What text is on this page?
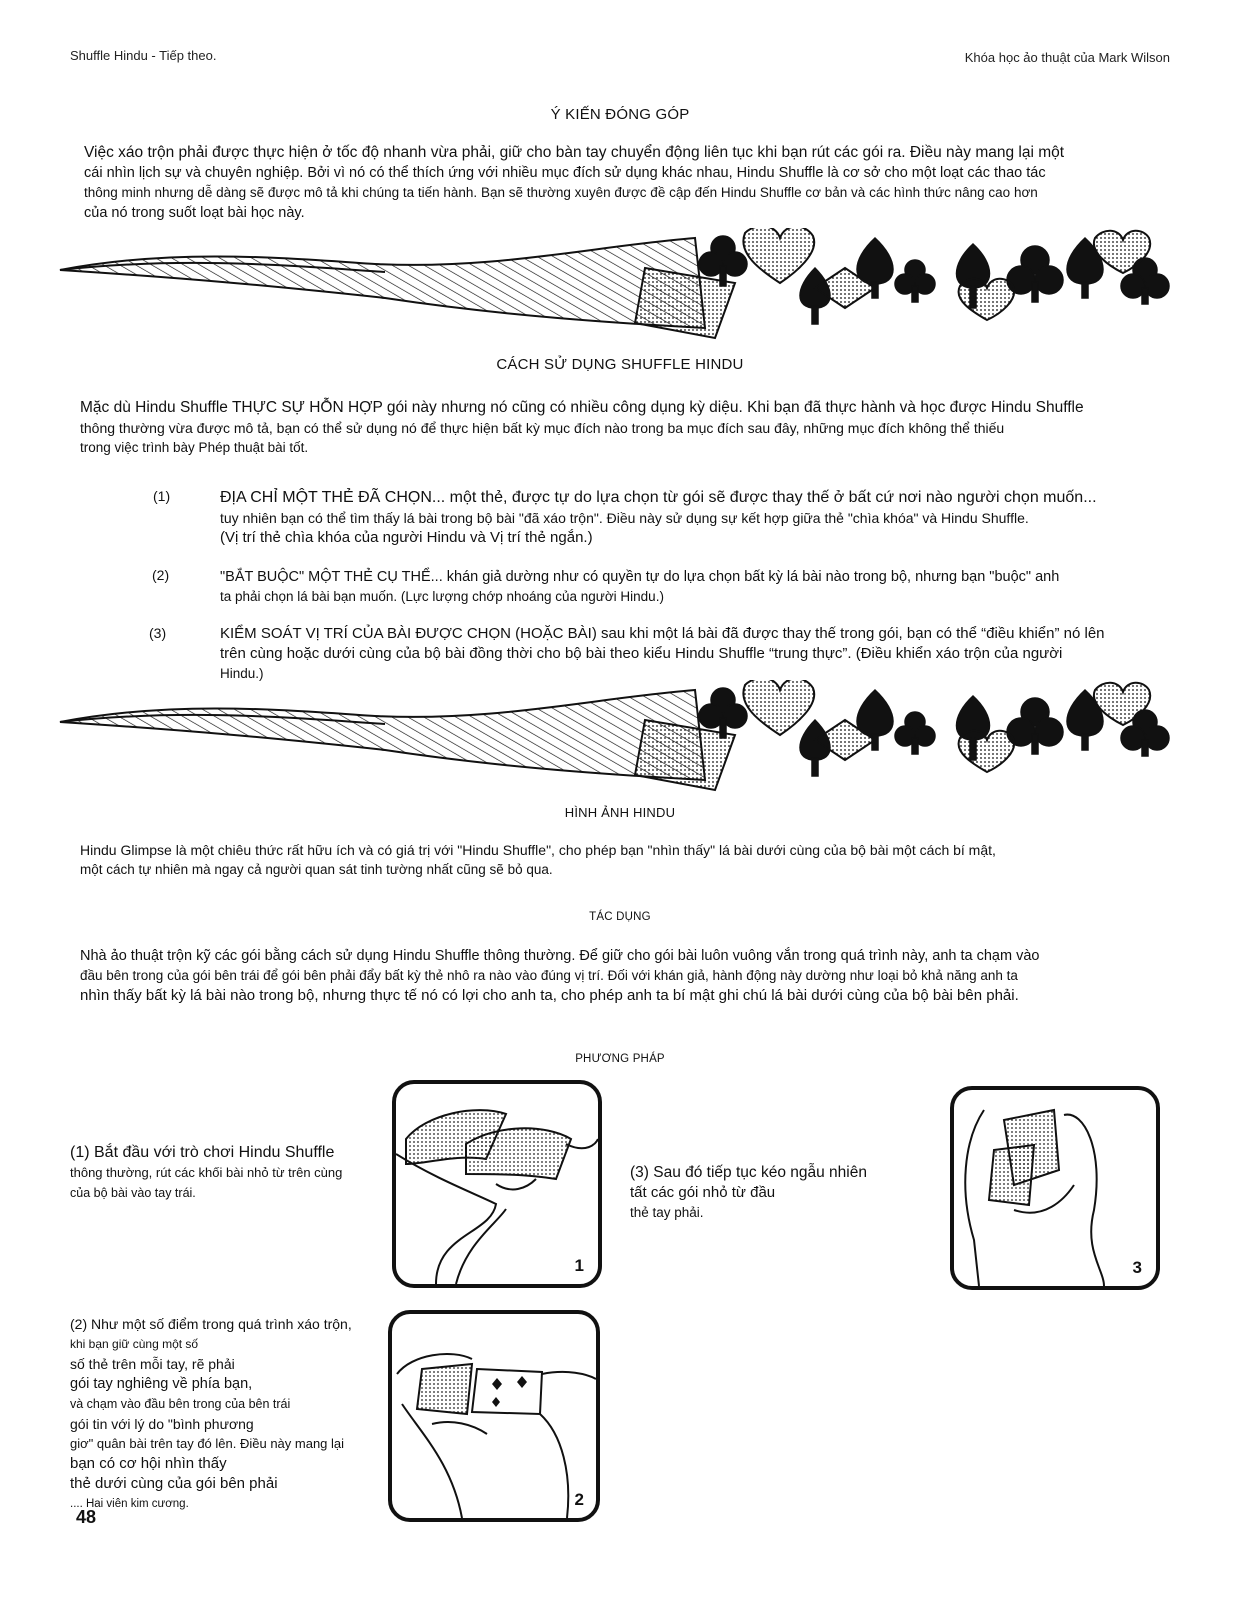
Shuffle Hindu - Tiếp theo.	Khóa học ảo thuật của Mark Wilson
Ý KIẾN ĐÓNG GÓP
Việc xáo trộn phải được thực hiện ở tốc độ nhanh vừa phải, giữ cho bàn tay chuyển động liên tục khi bạn rút các gói ra. Điều này mang lại một
cái nhìn lịch sự và chuyên nghiệp. Bởi vì nó có thể thích ứng với nhiều mục đích sử dụng khác nhau, Hindu Shuffle là cơ sở cho một loạt các thao tác
thông minh nhưng dễ dàng sẽ được mô tả khi chúng ta tiến hành. Bạn sẽ thường xuyên được đề cập đến Hindu Shuffle cơ bản và các hình thức nâng cao hơn
của nó trong suốt loạt bài học này.
CÁCH SỬ DỤNG SHUFFLE HINDU
Mặc dù Hindu Shuffle THỰC SỰ HỖN HỢP gói này nhưng nó cũng có nhiều công dụng kỳ diệu. Khi bạn đã thực hành và học được Hindu Shuffle
thông thường vừa được mô tả, bạn có thể sử dụng nó để thực hiện bất kỳ mục đích nào trong ba mục đích sau đây, những mục đích không thể thiếu
trong việc trình bày Phép thuật bài tốt.
(1)	ĐỊA CHỈ MỘT THẺ ĐÃ CHỌN... một thẻ, được tự do lựa chọn từ gói sẽ được thay thế ở bất cứ nơi nào người chọn muốn...
tuy nhiên bạn có thể tìm thấy lá bài trong bộ bài "đã xáo trộn". Điều này sử dụng sự kết hợp giữa thẻ "chìa khóa" và Hindu Shuffle.
(Vị trí thẻ chìa khóa của người Hindu và Vị trí thẻ ngắn.)
(2)	"BẮT BUỘC" MỘT THẺ CỤ THỂ... khán giả dường như có quyền tự do lựa chọn bất kỳ lá bài nào trong bộ, nhưng bạn "buộc" anh
ta phải chọn lá bài bạn muốn. (Lực lượng chớp nhoáng của người Hindu.)
(3)	KIỂM SOÁT VỊ TRÍ CỦA BÀI ĐƯỢC CHỌN (HOẶC BÀI) sau khi một lá bài đã được thay thế trong gói, bạn có thể “điều khiển” nó lên
trên cùng hoặc dưới cùng của bộ bài đồng thời cho bộ bài theo kiểu Hindu Shuffle “trung thực”. (Điều khiển xáo trộn của người
Hindu.)
HÌNH ẢNH HINDU
Hindu Glimpse là một chiêu thức rất hữu ích và có giá trị với "Hindu Shuffle", cho phép bạn "nhìn thấy" lá bài dưới cùng của bộ bài một cách bí mật,
một cách tự nhiên mà ngay cả người quan sát tinh tường nhất cũng sẽ bỏ qua.
TÁC DỤNG
Nhà ảo thuật trộn kỹ các gói bằng cách sử dụng Hindu Shuffle thông thường. Để giữ cho gói bài luôn vuông vắn trong quá trình này, anh ta chạm vào
đầu bên trong của gói bên trái để gói bên phải đẩy bất kỳ thẻ nhô ra nào vào đúng vị trí. Đối với khán giả, hành động này dường như loại bỏ khả năng anh ta
nhìn thấy bất kỳ lá bài nào trong bộ, nhưng thực tế nó có lợi cho anh ta, cho phép anh ta bí mật ghi chú lá bài dưới cùng của bộ bài bên phải.
PHƯƠNG PHÁP
(1) Bắt đầu với trò chơi Hindu Shuffle
thông thường, rút các khối bài nhỏ từ trên cùng
của bộ bài vào tay trái.
1
(3) Sau đó tiếp tục kéo ngẫu nhiên
tất các gói nhỏ từ đầu
thẻ tay phải.
3
(2) Như một số điểm trong quá trình xáo trộn,
khi bạn giữ cùng một số
số thẻ trên mỗi tay, rẽ phải
gói tay nghiêng về phía bạn,
và chạm vào đầu bên trong của bên trái
gói tin với lý do "bình phương
giơ" quân bài trên tay đó lên. Điều này mang lại
bạn có cơ hội nhìn thấy
thẻ dưới cùng của gói bên phải
.... Hai viên kim cương.	2
48
